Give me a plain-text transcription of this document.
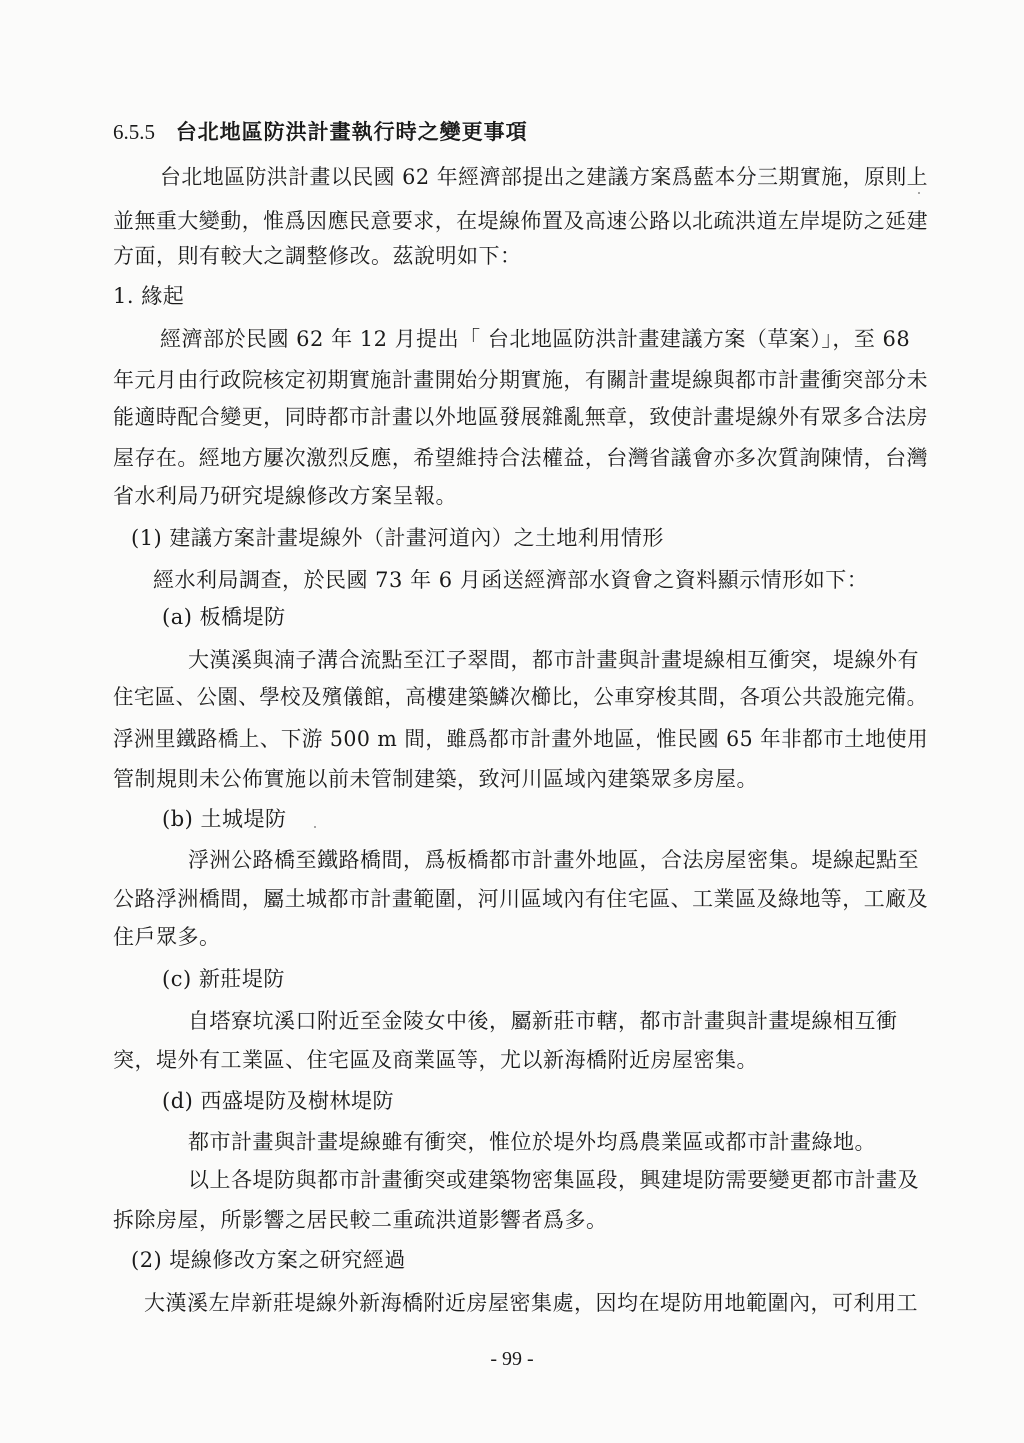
6.5.5 台北地區防洪計畫執行時之變更事項
台北地區防洪計畫以民國 62 年經濟部提出之建議方案爲藍本分三期實施，原則上
並無重大變動，惟爲因應民意要求，在堤線佈置及高速公路以北疏洪道左岸堤防之延建
方面，則有較大之調整修改。茲說明如下：
1. 緣起
經濟部於民國 62 年 12 月提出「 台北地區防洪計畫建議方案（草案）」，至 68
年元月由行政院核定初期實施計畫開始分期實施，有關計畫堤線與都市計畫衝突部分未
能適時配合變更，同時都市計畫以外地區發展雜亂無章，致使計畫堤線外有眾多合法房
屋存在。經地方屢次激烈反應，希望維持合法權益，台灣省議會亦多次質詢陳情，台灣
省水利局乃研究堤線修改方案呈報。
(1) 建議方案計畫堤線外（計畫河道內）之土地利用情形
經水利局調查，於民國 73 年 6 月函送經濟部水資會之資料顯示情形如下：
(a) 板橋堤防
大漢溪與湳子溝合流點至江子翠間，都市計畫與計畫堤線相互衝突，堤線外有
住宅區、公園、學校及殯儀館，高樓建築鱗次櫛比，公車穿梭其間，各項公共設施完備。
浮洲里鐵路橋上、下游 500 m 間，雖爲都市計畫外地區，惟民國 65 年非都市土地使用
管制規則未公佈實施以前未管制建築，致河川區域內建築眾多房屋。
(b) 土城堤防
浮洲公路橋至鐵路橋間，爲板橋都市計畫外地區，合法房屋密集。堤線起點至
公路浮洲橋間，屬土城都市計畫範圍，河川區域內有住宅區、工業區及綠地等，工廠及
住戶眾多。
(c) 新莊堤防
自塔寮坑溪口附近至金陵女中後，屬新莊市轄，都市計畫與計畫堤線相互衝
突，堤外有工業區、住宅區及商業區等，尤以新海橋附近房屋密集。
(d) 西盛堤防及樹林堤防
都市計畫與計畫堤線雖有衝突，惟位於堤外均爲農業區或都市計畫綠地。
以上各堤防與都市計畫衝突或建築物密集區段，興建堤防需要變更都市計畫及
拆除房屋，所影響之居民較二重疏洪道影響者爲多。
(2) 堤線修改方案之研究經過
大漢溪左岸新莊堤線外新海橋附近房屋密集處，因均在堤防用地範圍內，可利用工
- 99 -
